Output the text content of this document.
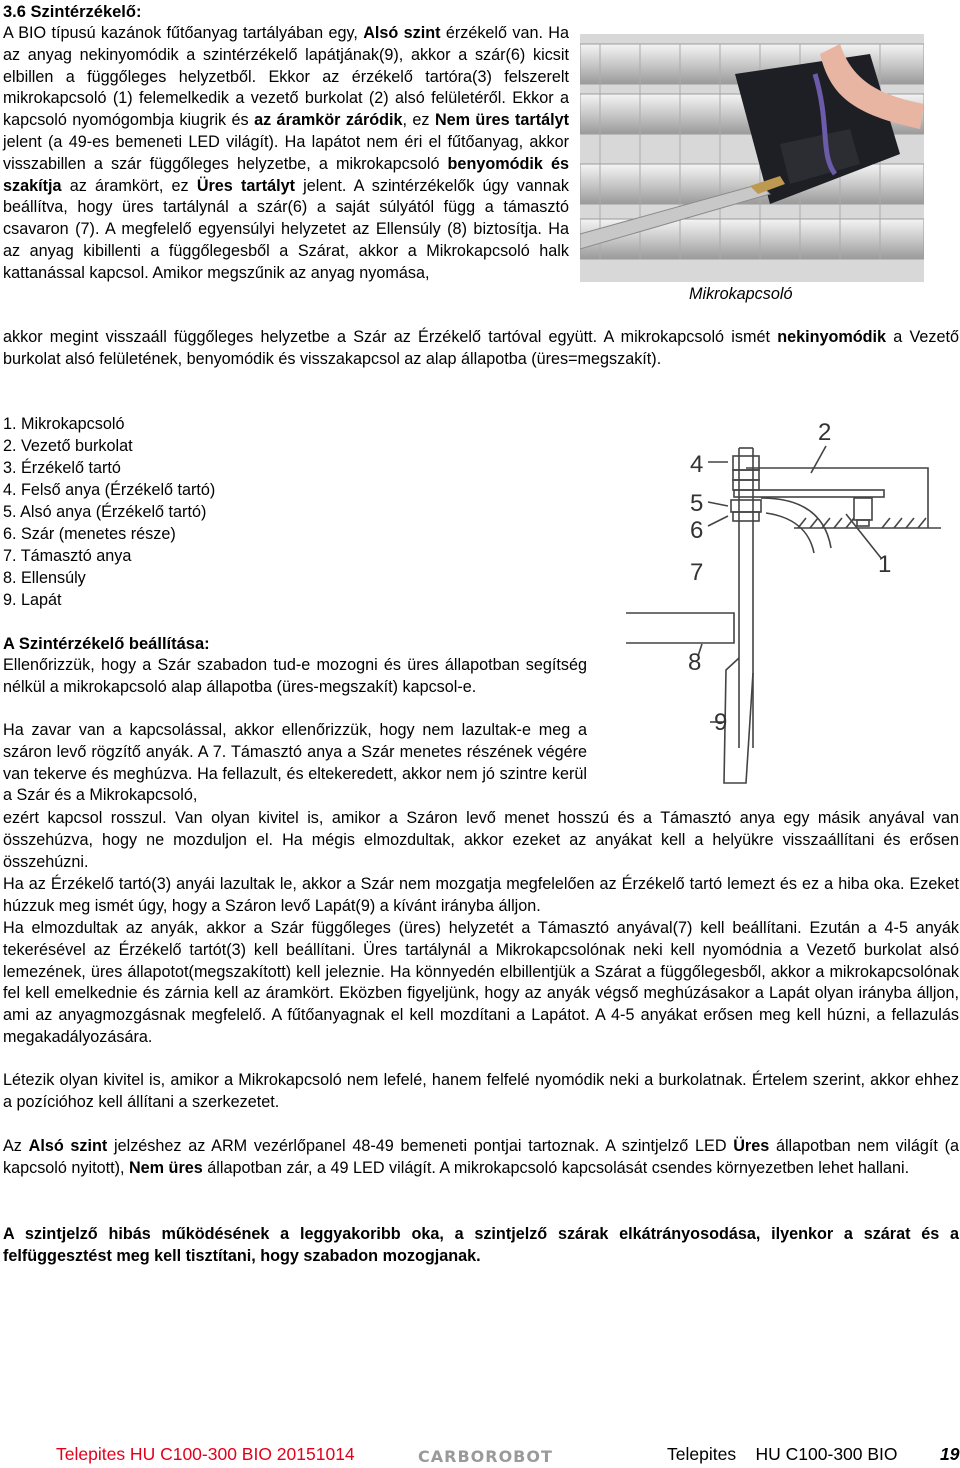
3.6 Szintérzékelő:
A BIO típusú kazánok fűtőanyag tartályában egy, Alsó szint érzékelő van. Ha az anyag nekinyomódik a szintérzékelő lapátjának(9), akkor a szár(6) kicsit elbillen a függőleges helyzetből. Ekkor az érzékelő tartóra(3) felszerelt mikrokapcsoló (1) felemelkedik a vezető burkolat (2) alsó felületéről. Ekkor a kapcsoló nyomógombja kiugrik és az áramkör záródik, ez Nem üres tartályt jelent (a 49-es bemeneti LED világít). Ha lapátot nem éri el fűtőanyag, akkor visszabillen a szár függőleges helyzetbe, a mikrokapcsoló benyomódik és szakítja az áramkört, ez Üres tartályt jelent. A szintérzékelők úgy vannak beállítva, hogy üres tartálynál a szár(6) a saját súlyától függ a támasztó csavaron (7). A megfelelő egyensúlyi helyzetet az Ellensúly (8) biztosítja. Ha az anyag kibillenti a függőlegesből a Szárat, akkor a Mikrokapcsoló halk kattanással kapcsol. Amikor megszűnik az anyag nyomása,
Mikrokapcsoló
akkor megint visszaáll függőleges helyzetbe a Szár az Érzékelő tartóval együtt. A mikrokapcsoló ismét nekinyomódik a Vezető burkolat alsó felületének, benyomódik és visszakapcsol az alap állapotba (üres=megszakít).
1. Mikrokapcsoló
2. Vezető burkolat
3. Érzékelő tartó
4. Felső anya (Érzékelő tartó)
5. Alsó anya (Érzékelő tartó)
6. Szár (menetes része)
7. Támasztó anya
8. Ellensúly
9. Lapát
2
4
5
6
7	1
8
9
A Szintérzékelő beállítása:
Ellenőrizzük, hogy a Szár szabadon tud-e mozogni és üres állapotban segítség nélkül a mikrokapcsoló alap állapotba (üres-megszakít) kapcsol-e.
Ha zavar van a kapcsolással, akkor ellenőrizzük, hogy nem lazultak-e meg a száron levő rögzítő anyák. A 7. Támasztó anya a Szár menetes részének végére van tekerve és meghúzva. Ha fellazult, és eltekeredett, akkor nem jó szintre kerül a Szár és a Mikrokapcsoló,
ezért kapcsol rosszul. Van olyan kivitel is, amikor a Száron levő menet hosszú és a Támasztó anya egy másik anyával van összehúzva, hogy ne mozduljon el. Ha mégis elmozdultak, akkor ezeket az anyákat kell a helyükre visszaállítani és erősen összehúzni.
Ha az Érzékelő tartó(3) anyái lazultak le, akkor a Szár nem mozgatja megfelelően az Érzékelő tartó lemezt és ez a hiba oka. Ezeket húzzuk meg ismét úgy, hogy a Száron levő Lapát(9) a kívánt irányba álljon.
Ha elmozdultak az anyák, akkor a Szár függőleges (üres) helyzetét a Támasztó anyával(7) kell beállítani. Ezután a 4-5 anyák tekerésével az Érzékelő tartót(3) kell beállítani. Üres tartálynál a Mikrokapcsolónak neki kell nyomódnia a Vezető burkolat alsó lemezének, üres állapotot(megszakított) kell jeleznie. Ha könnyedén elbillentjük a Szárat a függőlegesből, akkor a mikrokapcsolónak fel kell emelkednie és zárnia kell az áramkört. Eközben figyeljünk, hogy az anyák végső meghúzásakor a Lapát olyan irányba álljon, ami az anyagmozgásnak megfelelő. A fűtőanyagnak el kell mozdítani a Lapátot. A 4-5 anyákat erősen meg kell húzni, a fellazulás megakadályozására.
Létezik olyan kivitel is, amikor a Mikrokapcsoló nem lefelé, hanem felfelé nyomódik neki a burkolatnak. Értelem szerint, akkor ehhez a pozícióhoz kell állítani a szerkezetet.
Az Alsó szint jelzéshez az ARM vezérlőpanel 48-49 bemeneti pontjai tartoznak. A szintjelző LED Üres állapotban nem világít (a kapcsoló nyitott), Nem üres állapotban zár, a 49 LED világít. A mikrokapcsoló kapcsolását csendes környezetben lehet hallani.
A szintjelző hibás működésének a leggyakoribb oka, a szintjelző szárak elkátrányosodása, ilyenkor a szárat és a felfüggesztést meg kell tisztítani, hogy szabadon mozogjanak.
Telepites HU C100-300 BIO 20151014	CARBOROBOT	Telepites    HU C100-300 BIO 19
